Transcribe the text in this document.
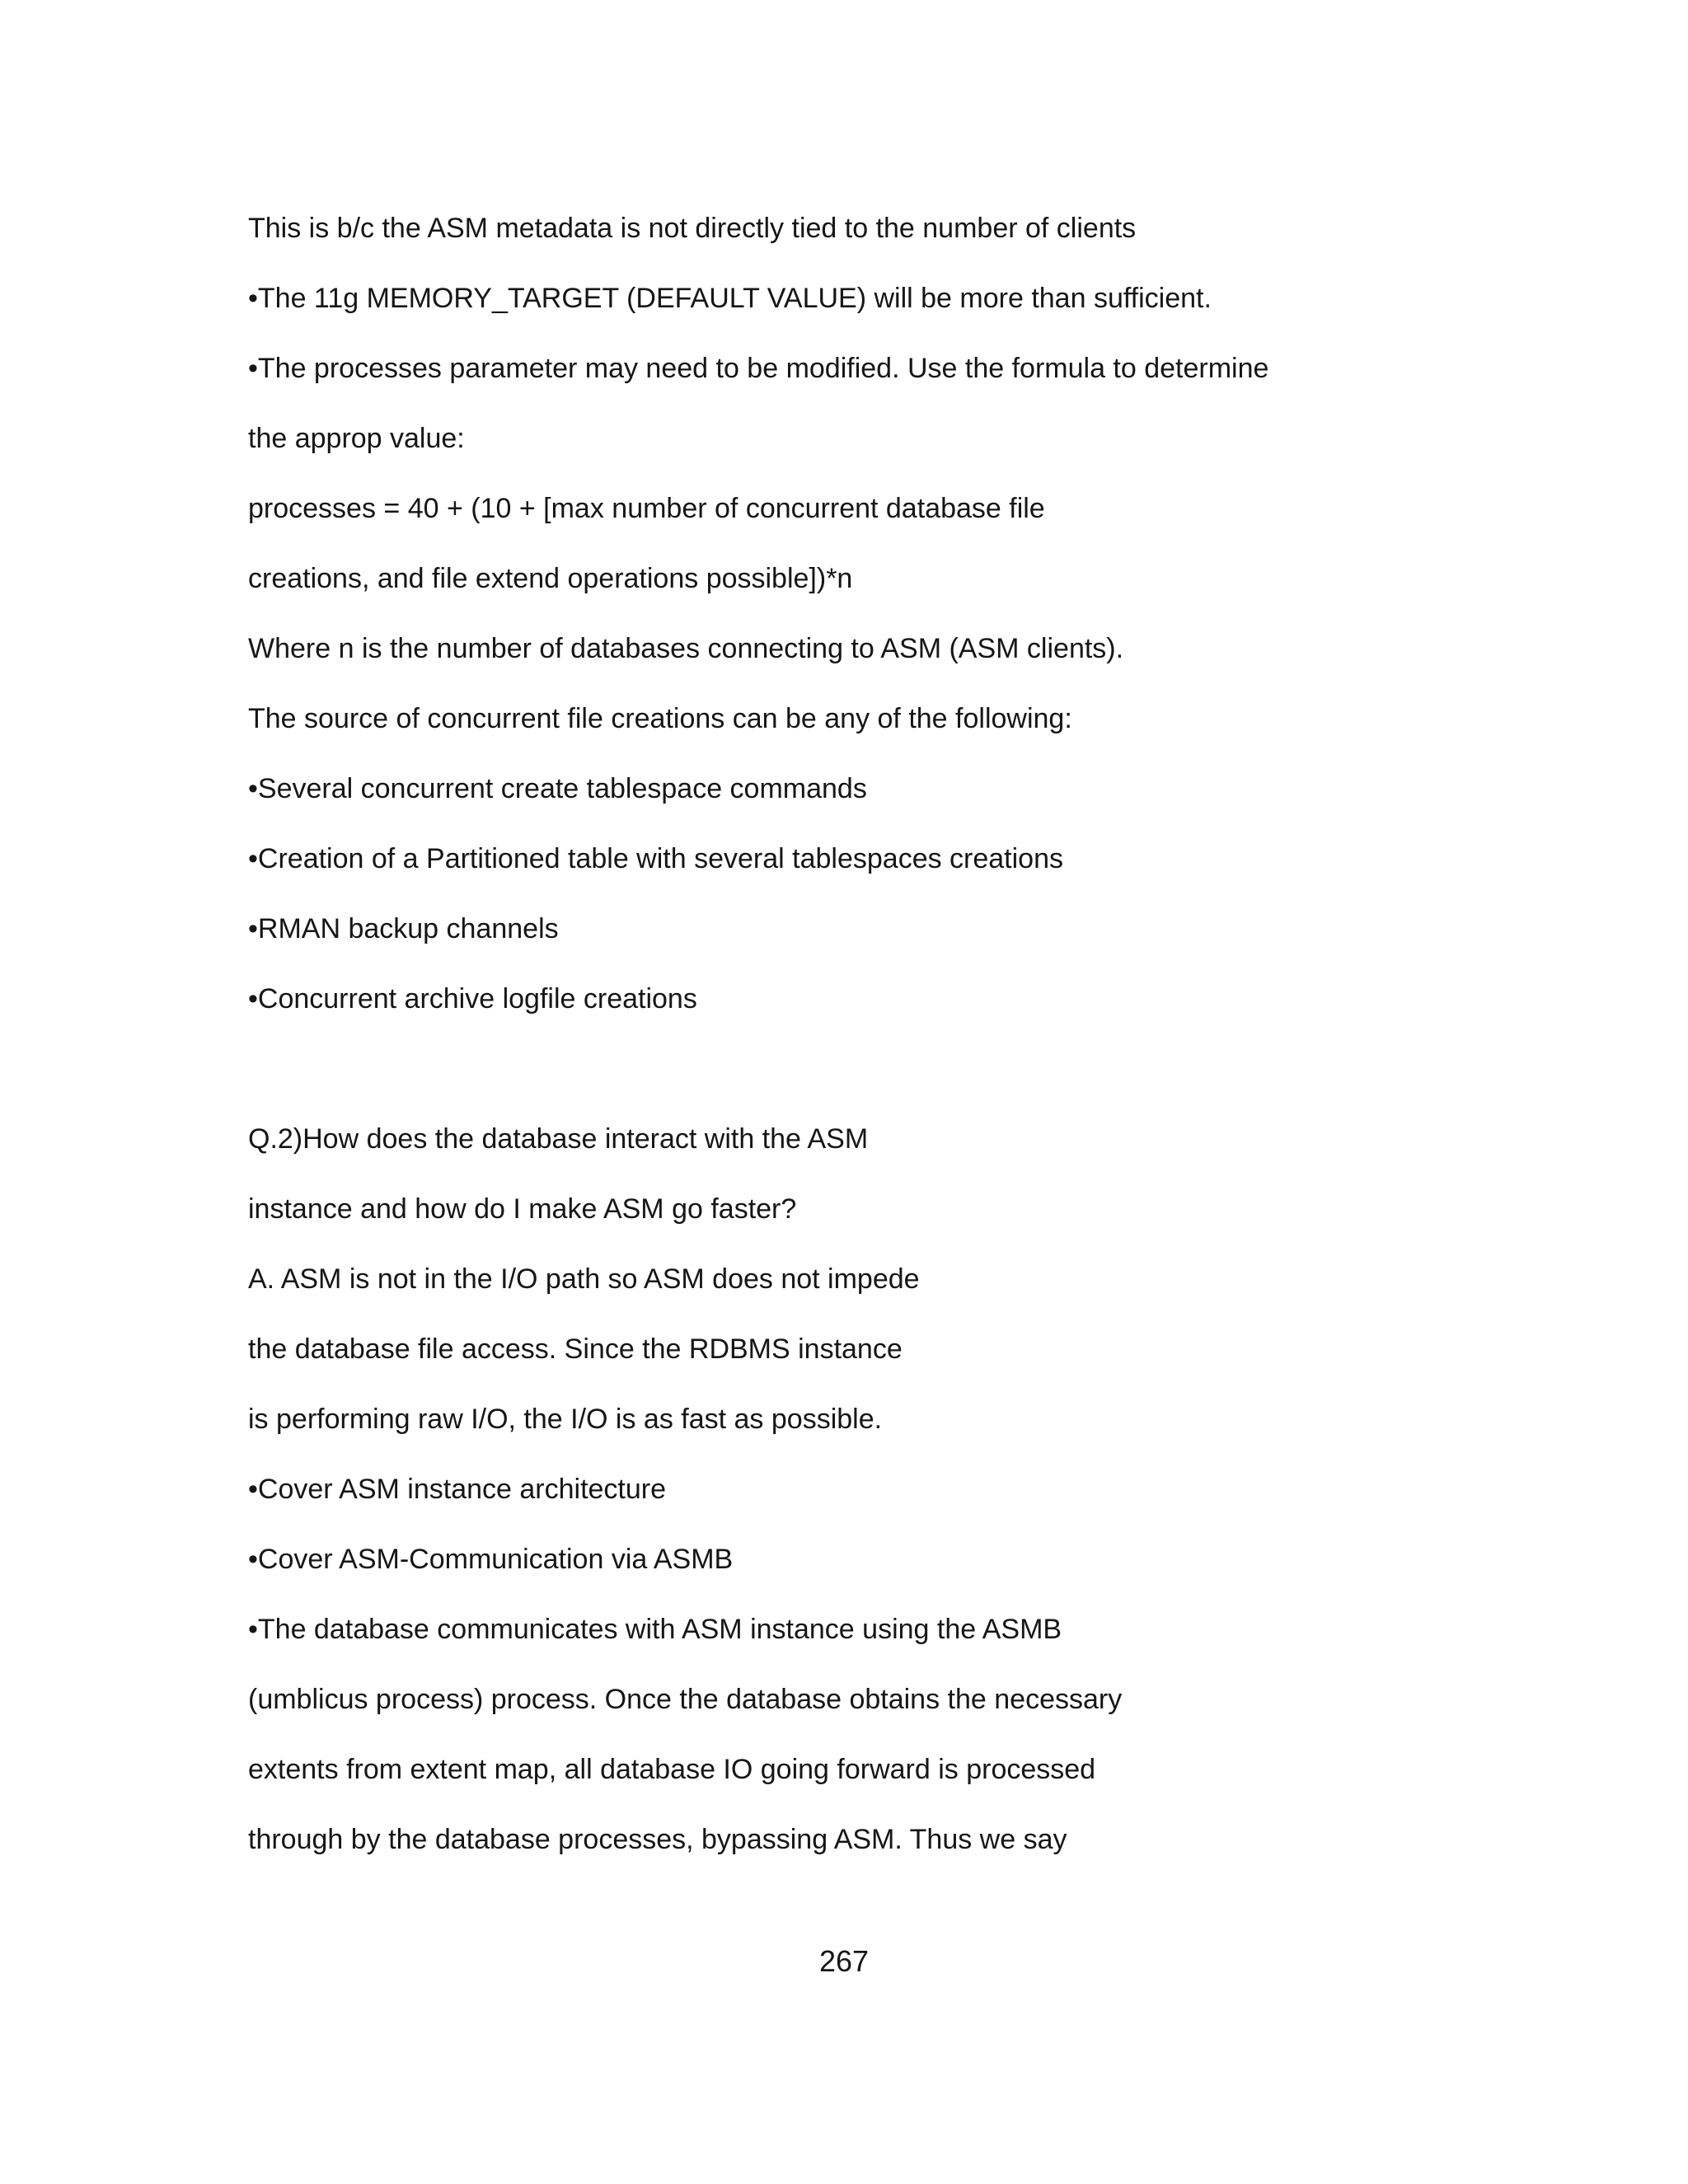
This is b/c the ASM metadata is not directly tied to the number of clients
•The 11g MEMORY_TARGET (DEFAULT VALUE) will be more than sufficient.
•The processes parameter may need to be modified. Use the formula to determine
the approp value:
processes = 40 + (10 + [max number of concurrent database file
creations, and file extend operations possible])*n
Where n is the number of databases connecting to ASM (ASM clients).
The source of concurrent file creations can be any of the following:
•Several concurrent create tablespace commands
•Creation of a Partitioned table with several tablespaces creations
•RMAN backup channels
•Concurrent archive logfile creations
Q.2)How does the database interact with the ASM
instance and how do I make ASM go faster?
A. ASM is not in the I/O path so ASM does not impede
the database file access. Since the RDBMS instance
is performing raw I/O, the I/O is as fast as possible.
•Cover ASM instance architecture
•Cover ASM-Communication via ASMB
•The database communicates with ASM instance using the ASMB
(umblicus process) process. Once the database obtains the necessary
extents from extent map, all database IO going forward is processed
through by the database processes, bypassing ASM. Thus we say
267
